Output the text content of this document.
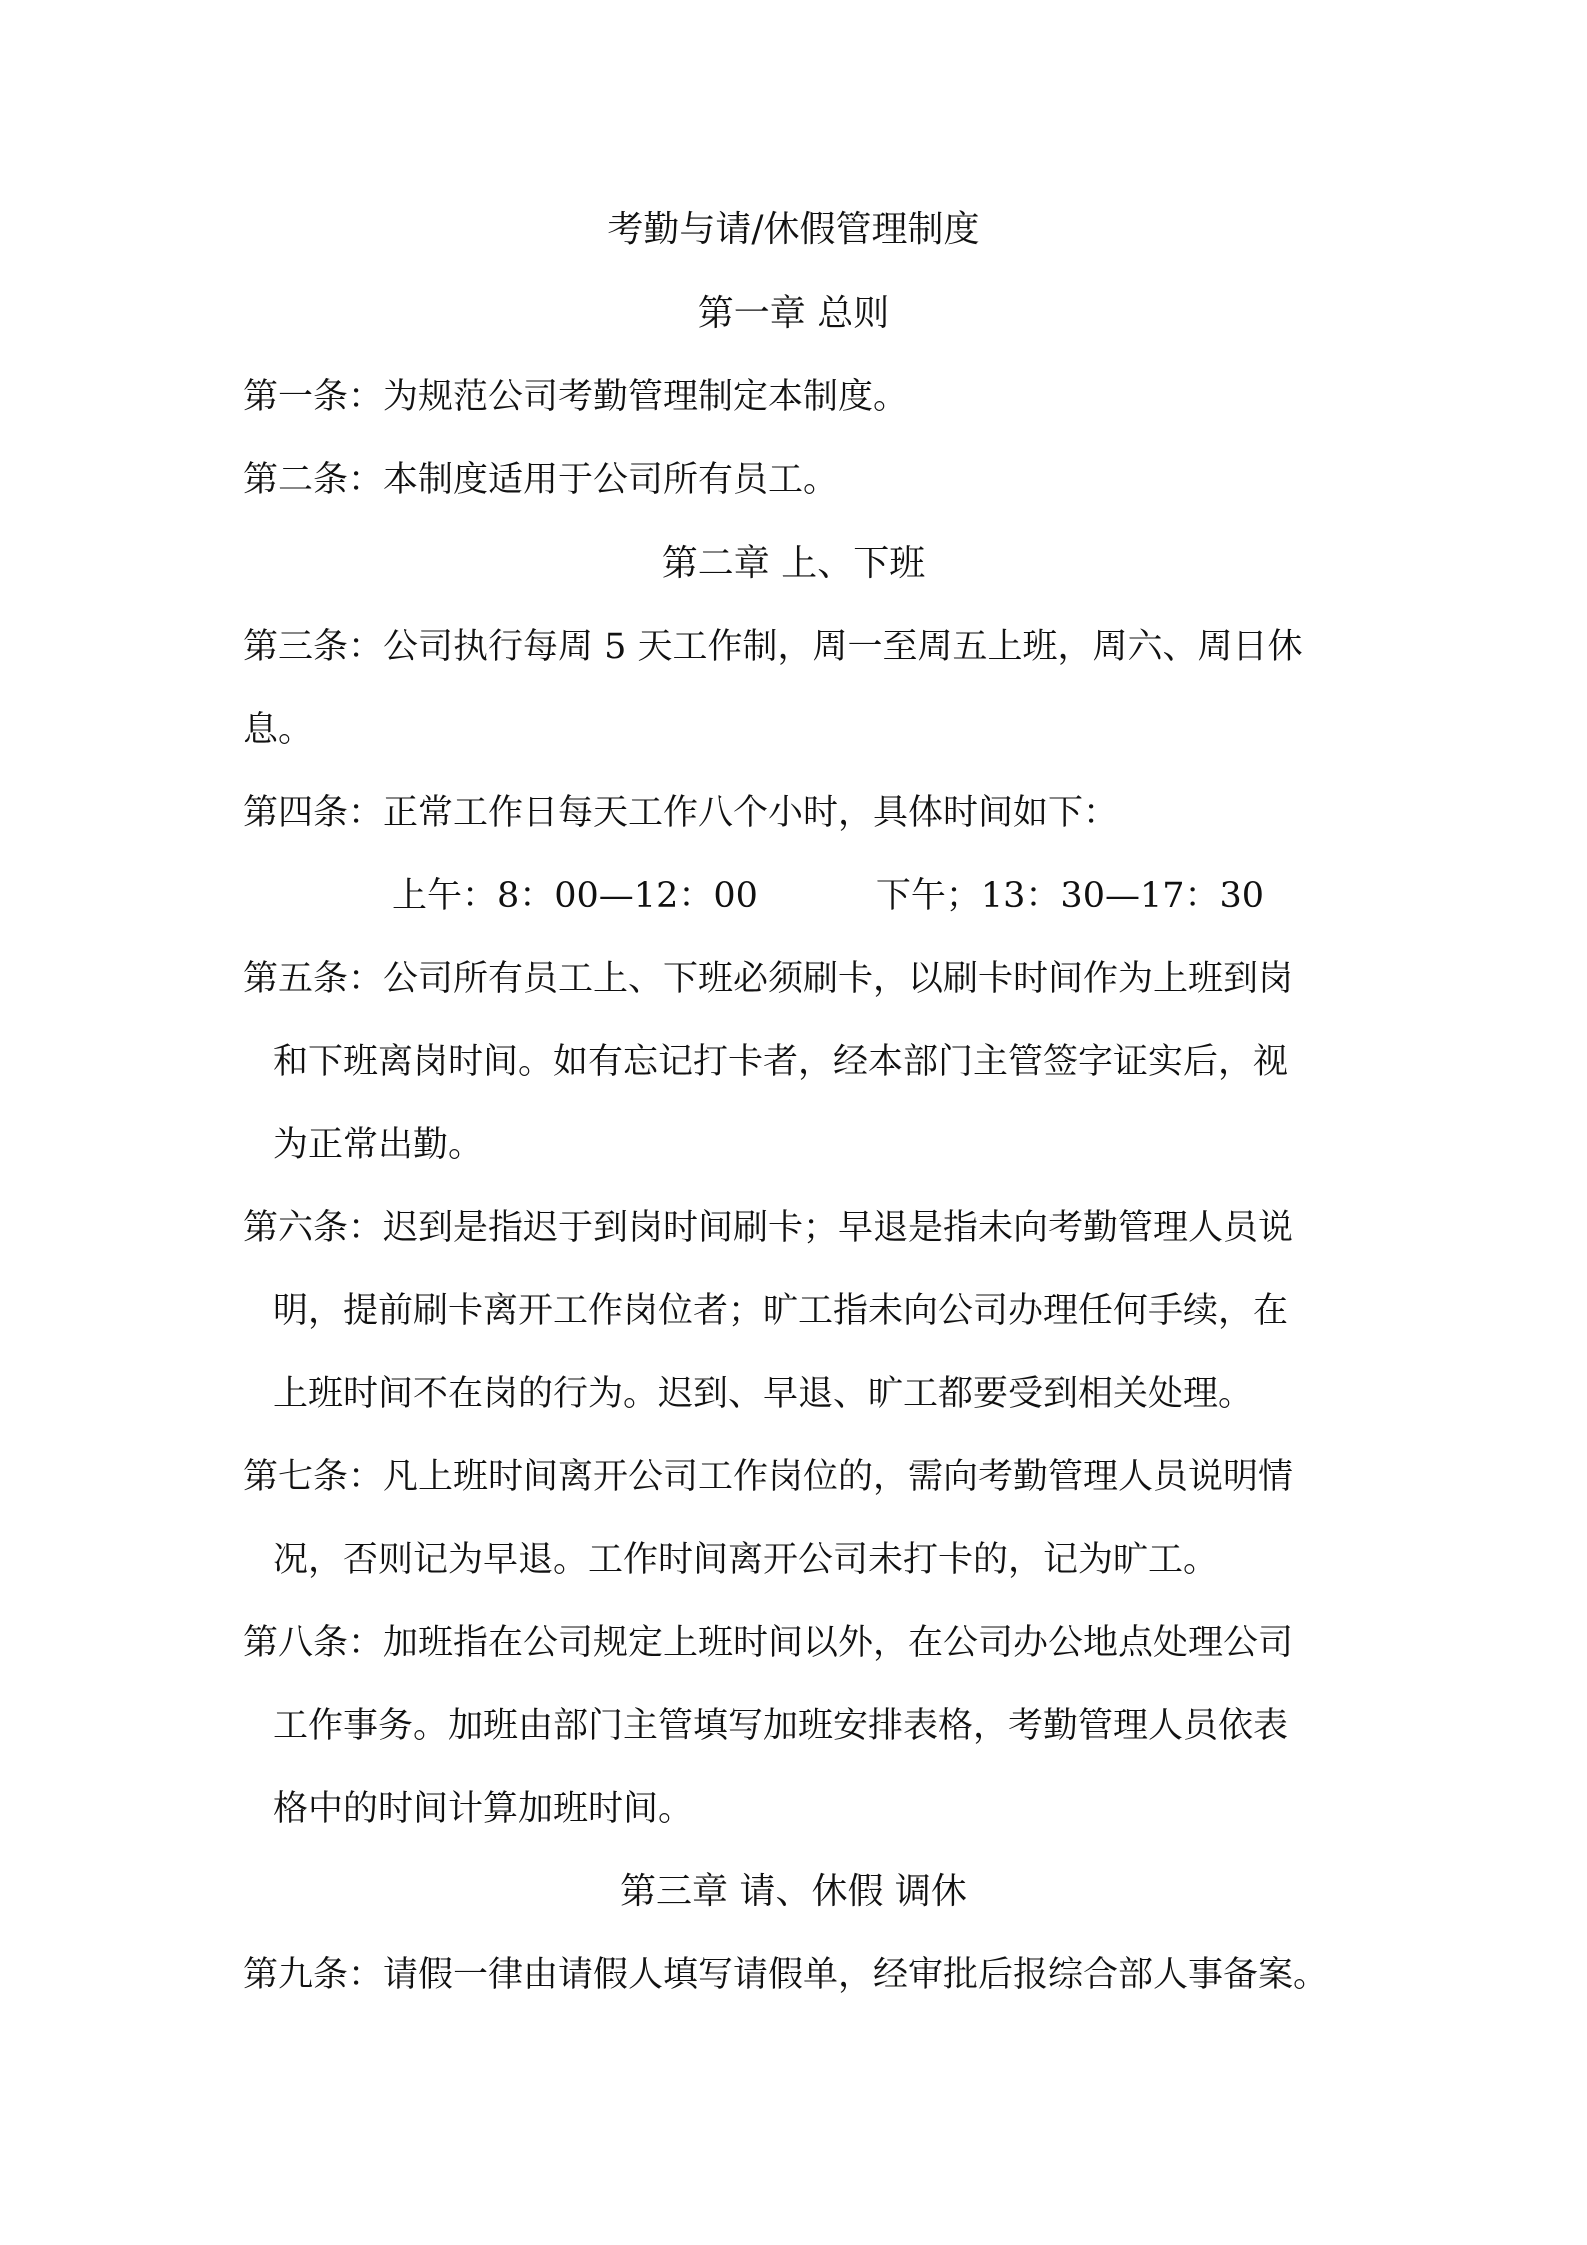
考勤与请/休假管理制度
第一章 总则
第一条：为规范公司考勤管理制定本制度。
第二条：本制度适用于公司所有员工。
第二章 上、下班
第三条：公司执行每周 5 天工作制，周一至周五上班，周六、周日休
息。
第四条：正常工作日每天工作八个小时，具体时间如下：
上午：8：00—12：00	下午；13：30—17：30
第五条：公司所有员工上、下班必须刷卡，以刷卡时间作为上班到岗
和下班离岗时间。如有忘记打卡者，经本部门主管签字证实后，视
为正常出勤。
第六条：迟到是指迟于到岗时间刷卡；早退是指未向考勤管理人员说
明，提前刷卡离开工作岗位者；旷工指未向公司办理任何手续，在
上班时间不在岗的行为。迟到、早退、旷工都要受到相关处理。
第七条：凡上班时间离开公司工作岗位的，需向考勤管理人员说明情
况，否则记为早退。工作时间离开公司未打卡的，记为旷工。
第八条：加班指在公司规定上班时间以外，在公司办公地点处理公司
工作事务。加班由部门主管填写加班安排表格，考勤管理人员依表
格中的时间计算加班时间。
第三章 请、休假 调休
第九条：请假一律由请假人填写请假单，经审批后报综合部人事备案。
